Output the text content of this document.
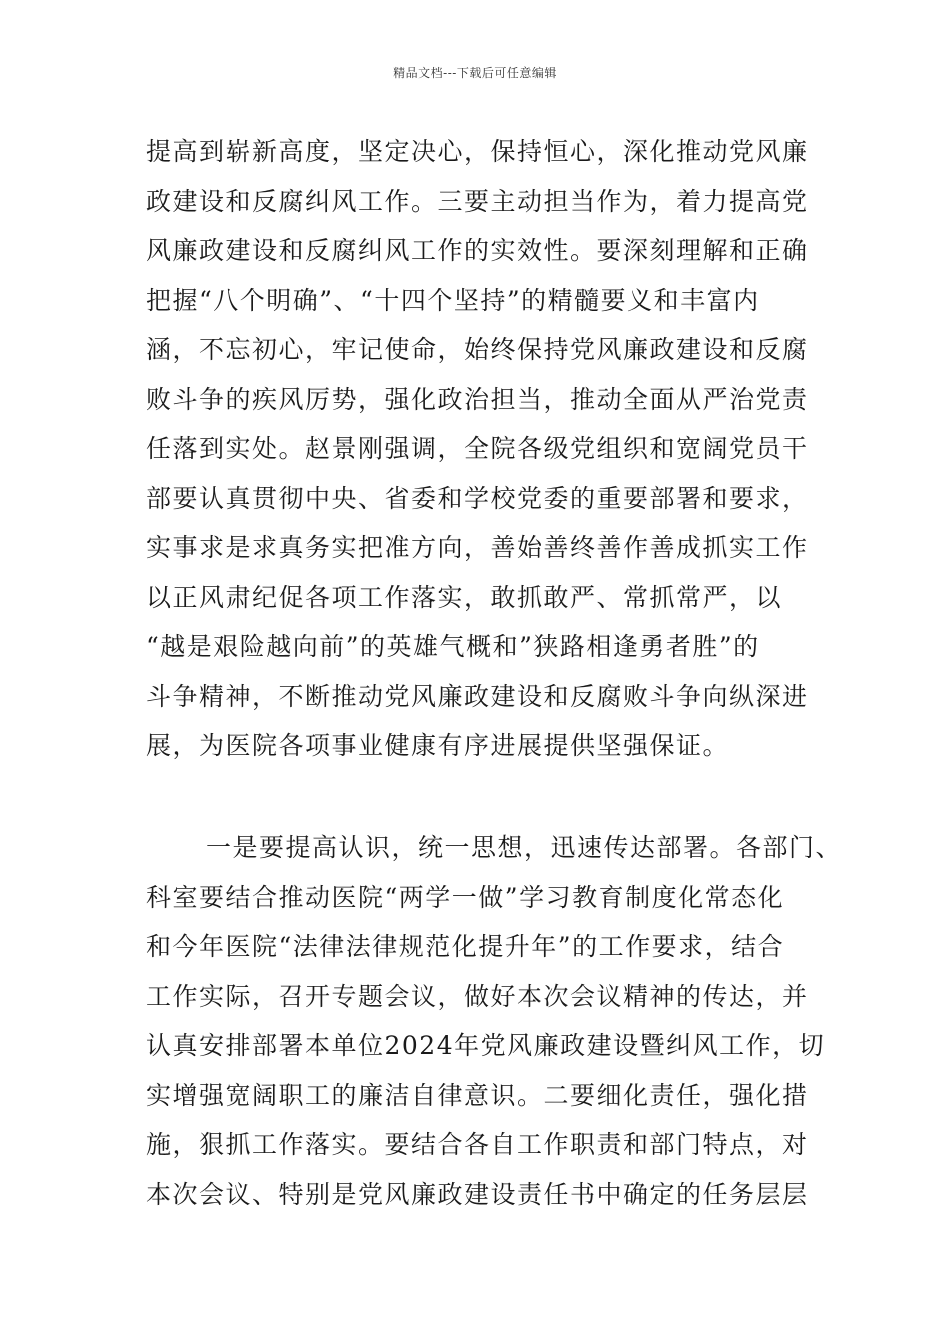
精品文档---下载后可任意编辑
提高到崭新高度，坚定决心，保持恒心，深化推动党风廉
政建设和反腐纠风工作。三要主动担当作为，着力提高党
风廉政建设和反腐纠风工作的实效性。要深刻理解和正确
把握“八个明确”、“十四个坚持”的精髓要义和丰富内
涵，不忘初心，牢记使命，始终保持党风廉政建设和反腐
败斗争的疾风厉势，强化政治担当，推动全面从严治党责
任落到实处。赵景刚强调，全院各级党组织和宽阔党员干
部要认真贯彻中央、省委和学校党委的重要部署和要求，
实事求是求真务实把准方向，善始善终善作善成抓实工作
以正风肃纪促各项工作落实，敢抓敢严、常抓常严，以
“越是艰险越向前”的英雄气概和”狭路相逢勇者胜”的
斗争精神，不断推动党风廉政建设和反腐败斗争向纵深进
展，为医院各项事业健康有序进展提供坚强保证。
一是要提高认识，统一思想，迅速传达部署。各部门、
科室要结合推动医院“两学一做”学习教育制度化常态化
和今年医院“法律法律规范化提升年”的工作要求，结合
工作实际，召开专题会议，做好本次会议精神的传达，并
认真安排部署本单位2024年党风廉政建设暨纠风工作，切
实增强宽阔职工的廉洁自律意识。二要细化责任，强化措
施，狠抓工作落实。要结合各自工作职责和部门特点，对
本次会议、特别是党风廉政建设责任书中确定的任务层层
